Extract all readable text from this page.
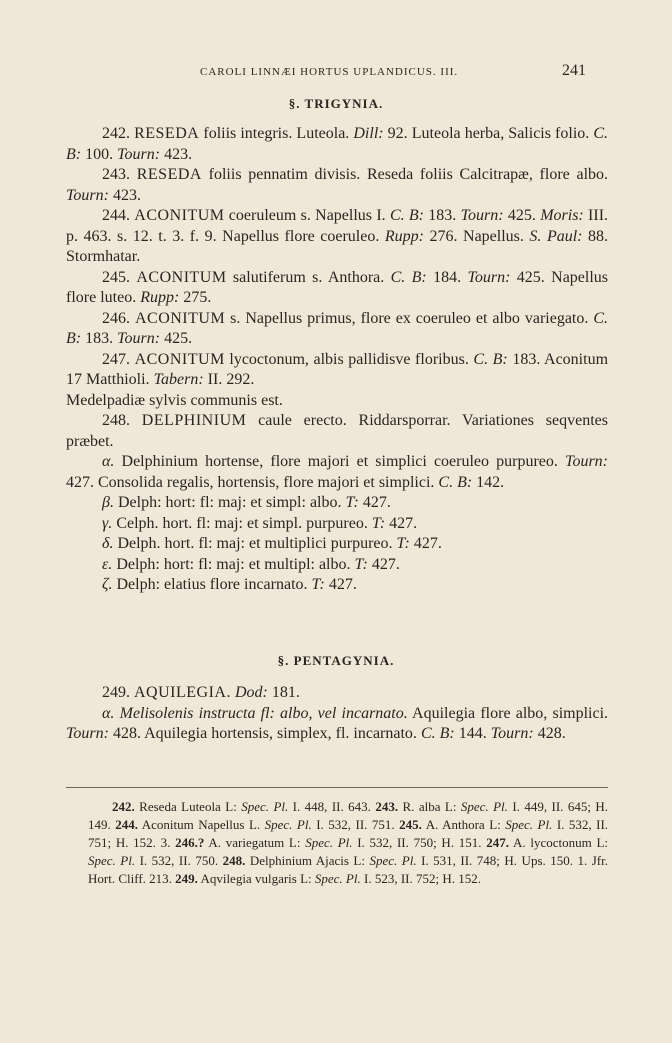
CAROLI LINNÆI HORTUS UPLANDICUS. III.	241
§. TRIGYNIA.

242. RESEDA foliis integris. Luteola. Dill: 92. Luteola herba, Salicis folio. C. B: 100. Tourn: 423.

243. RESEDA foliis pennatim divisis. Reseda foliis Calcitrapæ, flore albo. Tourn: 423.

244. ACONITUM coeruleum s. Napellus I. C. B: 183. Tourn: 425. Moris: III. p. 463. s. 12. t. 3. f. 9. Napellus flore coeruleo. Rupp: 276. Napellus. S. Paul: 88. Stormhatar.

245. ACONITUM salutiferum s. Anthora. C. B: 184. Tourn: 425. Napellus flore luteo. Rupp: 275.

246. ACONITUM s. Napellus primus, flore ex coeruleo et albo variegato. C. B: 183. Tourn: 425.

247. ACONITUM lycoctonum, albis pallidisve floribus. C. B: 183. Aconitum 17 Matthioli. Tabern: II. 292.

Medelpadiæ sylvis communis est.

248. DELPHINIUM caule erecto. Riddarsporrar. Variationes seqventes præbet.

α. Delphinium hortense, flore majori et simplici coeruleo purpureo. Tourn: 427. Consolida regalis, hortensis, flore majori et simplici. C. B: 142.

β. Delph: hort: fl: maj: et simpl: albo. T: 427.

γ. Celph. hort. fl: maj: et simpl. purpureo. T: 427.

δ. Delph. hort. fl: maj: et multiplici purpureo. T: 427.

ε. Delph: hort: fl: maj: et multipl: albo. T: 427.

ζ. Delph: elatius flore incarnato. T: 427.

§. PENTAGYNIA.

249. AQUILEGIA. Dod: 181.

α. Melisolenis instructa fl: albo, vel incarnato. Aquilegia flore albo, simplici. Tourn: 428. Aquilegia hortensis, simplex, fl. incarnato. C. B: 144. Tourn: 428.

242. Reseda Luteola L: Spec. Pl. I. 448, II. 643. 243. R. alba L: Spec. Pl. I. 449, II. 645; H. 149. 244. Aconitum Napellus L. Spec. Pl. I. 532, II. 751. 245. A. Anthora L: Spec. Pl. I. 532, II. 751; H. 152. 3. 246.? A. variegatum L: Spec. Pl. I. 532, II. 750; H. 151. 247. A. lycoctonum L: Spec. Pl. I. 532, II. 750. 248. Delphinium Ajacis L: Spec. Pl. I. 531, II. 748; H. Ups. 150. 1. Jfr. Hort. Cliff. 213. 249. Aqvilegia vulgaris L: Spec. Pl. I. 523, II. 752; H. 152.
